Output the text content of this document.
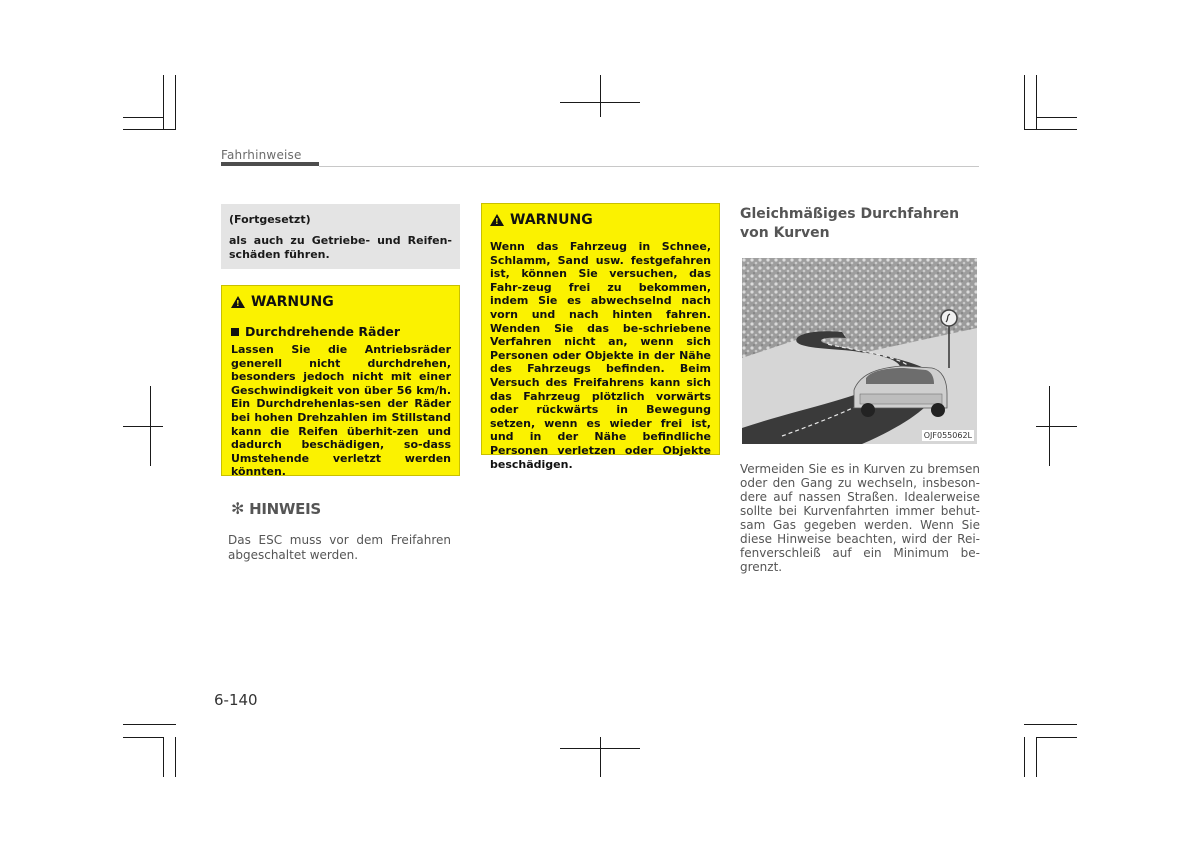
Fahrhinweise
(Fortgesetzt)
als auch zu Getriebe- und Reifen-schäden führen.
! WARNUNG
Durchdrehende Räder
Lassen Sie die Antriebsräder generell nicht durchdrehen, besonders jedoch nicht mit einer Geschwindigkeit von über 56 km/h. Ein Durchdrehenlas-sen der Räder bei hohen Drehzahlen im Stillstand kann die Reifen überhit-zen und dadurch beschädigen, so-dass Umstehende verletzt werden könnten.
✻ HINWEIS
Das ESC muss vor dem Freifahren abgeschaltet werden.
! WARNUNG
Wenn das Fahrzeug in Schnee, Schlamm, Sand usw. festgefahren ist, können Sie versuchen, das Fahr-zeug frei zu bekommen, indem Sie es abwechselnd nach vorn und nach hinten fahren. Wenden Sie das be-schriebene Verfahren nicht an, wenn sich Personen oder Objekte in der Nähe des Fahrzeugs befinden. Beim Versuch des Freifahrens kann sich das Fahrzeug plötzlich vorwärts oder rückwärts in Bewegung setzen, wenn es wieder frei ist, und in der Nähe befindliche Personen verletzen oder Objekte beschädigen.
Gleichmäßiges Durchfahren von Kurven
OJF055062L
Vermeiden Sie es in Kurven zu bremsen oder den Gang zu wechseln, insbeson-dere auf nassen Straßen. Idealerweise sollte bei Kurvenfahrten immer behut-sam Gas gegeben werden. Wenn Sie diese Hinweise beachten, wird der Rei-fenverschleiß auf ein Minimum be-grenzt.
6-140
